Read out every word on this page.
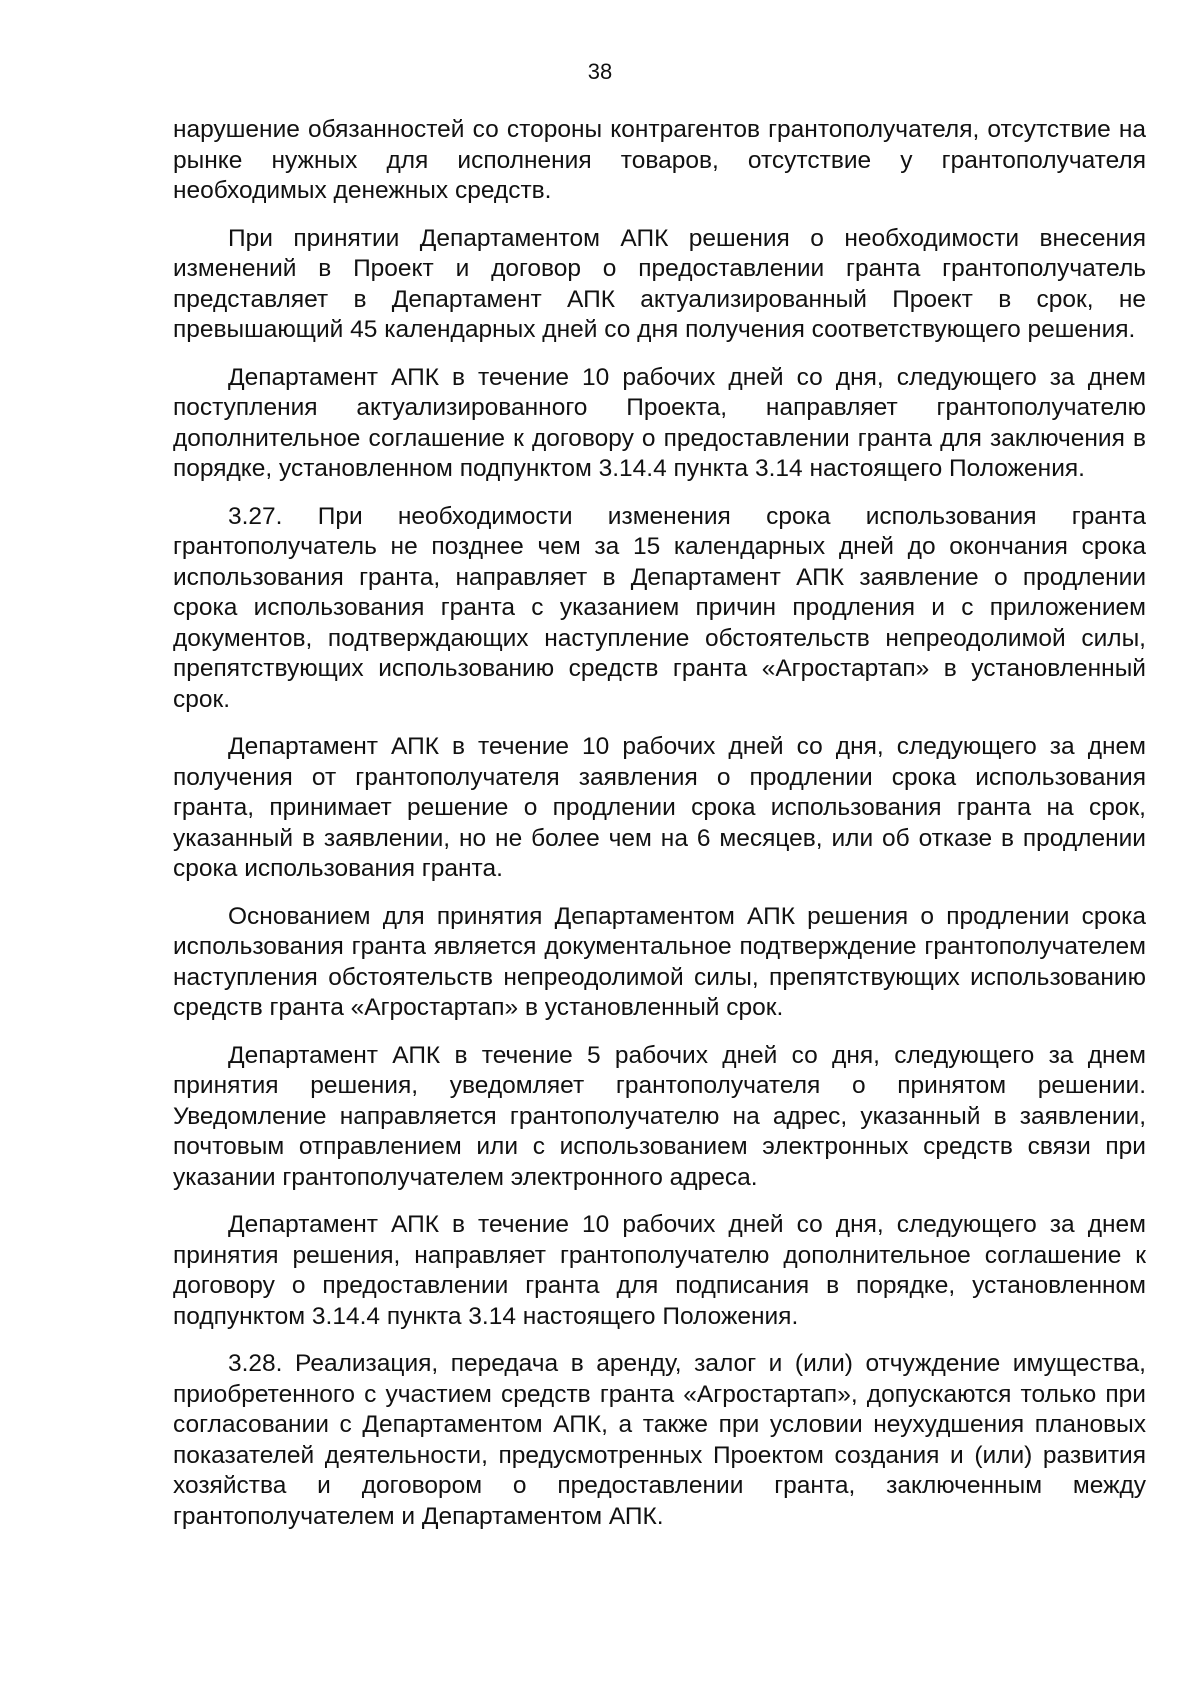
38

нарушение обязанностей со стороны контрагентов грантополучателя, отсутствие на рынке нужных для исполнения товаров, отсутствие у грантополучателя необходимых денежных средств.

При принятии Департаментом АПК решения о необходимости внесения изменений в Проект и договор о предоставлении гранта грантополучатель представляет в Департамент АПК актуализированный Проект в срок, не превышающий 45 календарных дней со дня получения соответствующего решения.

Департамент АПК в течение 10 рабочих дней со дня, следующего за днем поступления актуализированного Проекта, направляет грантополучателю дополнительное соглашение к договору о предоставлении гранта для заключения в порядке, установленном подпунктом 3.14.4 пункта 3.14 настоящего Положения.

3.27. При необходимости изменения срока использования гранта грантополучатель не позднее чем за 15 календарных дней до окончания срока использования гранта, направляет в Департамент АПК заявление о продлении срока использования гранта с указанием причин продления и с приложением документов, подтверждающих наступление обстоятельств непреодолимой силы, препятствующих использованию средств гранта «Агростартап» в установленный срок.

Департамент АПК в течение 10 рабочих дней со дня, следующего за днем получения от грантополучателя заявления о продлении срока использования гранта, принимает решение о продлении срока использования гранта на срок, указанный в заявлении, но не более чем на 6 месяцев, или об отказе в продлении срока использования гранта.

Основанием для принятия Департаментом АПК решения о продлении срока использования гранта является документальное подтверждение грантополучателем наступления обстоятельств непреодолимой силы, препятствующих использованию средств гранта «Агростартап» в установленный срок.

Департамент АПК в течение 5 рабочих дней со дня, следующего за днем принятия решения, уведомляет грантополучателя о принятом решении. Уведомление направляется грантополучателю на адрес, указанный в заявлении, почтовым отправлением или с использованием электронных средств связи при указании грантополучателем электронного адреса.

Департамент АПК в течение 10 рабочих дней со дня, следующего за днем принятия решения, направляет грантополучателю дополнительное соглашение к договору о предоставлении гранта для подписания в порядке, установленном подпунктом 3.14.4 пункта 3.14 настоящего Положения.

3.28. Реализация, передача в аренду, залог и (или) отчуждение имущества, приобретенного с участием средств гранта «Агростартап», допускаются только при согласовании с Департаментом АПК, а также при условии неухудшения плановых показателей деятельности, предусмотренных Проектом создания и (или) развития хозяйства и договором о предоставлении гранта, заключенным между грантополучателем и Департаментом АПК.
